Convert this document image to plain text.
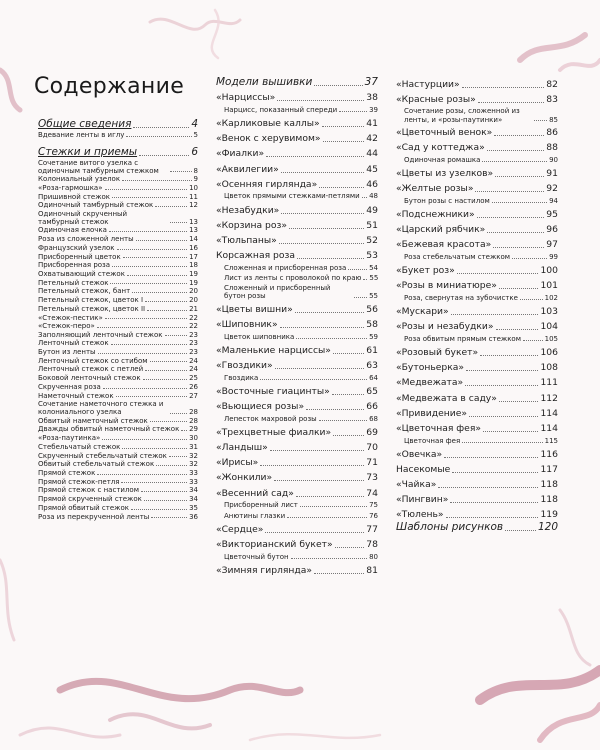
Содержание
Общие сведения	4
Вдевание ленты в иглу	5
Стежки и приемы	6
Сочетание витого узелка с одиночным тамбурным стежком	8
Колониальный узелок	9
«Роза-гармошка»	10
Пришивной стежок	11
Одиночный тамбурный стежок	12
Одиночный скрученный тамбурный стежок	13
Одиночная елочка	13
Роза из сложенной ленты	14
Французский узелок	16
Присборенный цветок	17
Присборенная роза	18
Охватывающий стежок	19
Петельный стежок	19
Петельный стежок, бант	20
Петельный стежок, цветок I	20
Петельный стежок, цветок II	21
«Стежок-пестик»	22
«Стежок-перо»	22
Заполняющий ленточный стежок	23
Ленточный стежок	23
Бутон из ленты	23
Ленточный стежок со стибом	24
Ленточный стежок с петлей	24
Боковой ленточный стежок	25
Скрученная роза	26
Наметочный стежок	27
Сочетание наметочного стежка и колониального узелка	28
Обвитый наметочный стежок	28
Дважды обвитый наметочный стежок 29
«Роза-паутинка»	30
Стебельчатый стежок	31
Скрученный стебельчатый стежок	32
Обвитый стебельчатый стежок	32
Прямой стежок	33
Прямой стежок-петля	33
Прямой стежок с настилом	34
Прямой скрученный стежок	34
Прямой обвитый стежок	35
Роза из перекрученной ленты	36
Модели вышивки	37
«Нарциссы»	38
Нарцисс, показанный спереди	39
«Карликовые каллы»	41
«Венок с херувимом»	42
«Фиалки»	44
«Аквилегии»	45
«Осенняя гирлянда»	46
Цветок прямыми стежками-петлями 48
«Незабудки»	49
«Корзина роз»	51
«Тюльпаны»	52
Корсажная роза	53
Сложенная и присборенная роза	54
Лист из ленты с проволокой по краю 55
Сложенный и присборенный бутон розы	55
«Цветы вишни»	56
«Шиповник»	58
Цветок шиповника	59
«Маленькие нарциссы»	61
«Гвоздики»	63
Гвоздика	64
«Восточные гиацинты»	65
«Вьющиеся розы»	66
Лепесток махровой розы	68
«Трехцветные фиалки»	69
«Ландыш»	70
«Ирисы»	71
«Жонкили»	73
«Весенний сад»	74
Присборенный лист	75
Анютины глазки	76
«Сердце»	77
«Викторианский букет»	78
Цветочный бутон	80
«Зимняя гирлянда»	81
«Настурции»	82
«Красные розы»	83
Сочетание розы, сложенной из ленты, и «розы-паутинки»	85
«Цветочный венок»	86
«Сад у коттеджа»	88
Одиночная ромашка	90
«Цветы из узелков»	91
«Желтые розы»	92
Бутон розы с настилом	94
«Подснежники»	95
«Царский рябчик»	96
«Бежевая красота»	97
Роза стебельчатым стежком	99
«Букет роз»	100
«Розы в миниатюре»	101
Роза, свернутая на зубочистке	102
«Мускари»	103
«Розы и незабудки»	104
Роза обвитым прямым стежком	105
«Розовый букет»	106
«Бутоньерка»	108
«Медвежата»	111
«Медвежата в саду»	112
«Привидение»	114
«Цветочная фея»	114
Цветочная фея	115
«Овечка»	116
Насекомые	117
«Чайка»	118
«Пингвин»	118
«Тюлень»	119
Шаблоны рисунков	120
